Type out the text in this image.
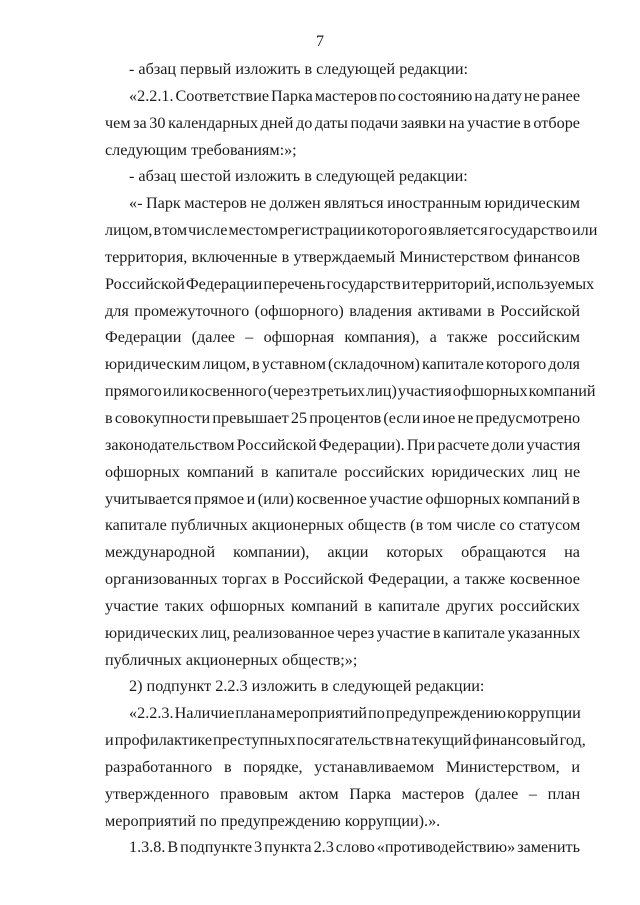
7
- абзац первый изложить в следующей редакции:
«2.2.1. Соответствие Парка мастеров по состоянию на дату не ранее
чем за 30 календарных дней до даты подачи заявки на участие в отборе
следующим требованиям:»;
- абзац шестой изложить в следующей редакции:
«- Парк мастеров не должен являться иностранным юридическим
лицом, в том числе местом регистрации которого является государство или
территория, включенные в утверждаемый Министерством финансов
Российской Федерации перечень государств и территорий, используемых
для промежуточного (офшорного) владения активами в Российской
Федерации (далее – офшорная компания), а также российским
юридическим лицом, в уставном (складочном) капитале которого доля
прямого или косвенного (через третьих лиц) участия офшорных компаний
в совокупности превышает 25 процентов (если иное не предусмотрено
законодательством Российской Федерации). При расчете доли участия
офшорных компаний в капитале российских юридических лиц не
учитывается прямое и (или) косвенное участие офшорных компаний в
капитале публичных акционерных обществ (в том числе со статусом
международной компании), акции которых обращаются на
организованных торгах в Российской Федерации, а также косвенное
участие таких офшорных компаний в капитале других российских
юридических лиц, реализованное через участие в капитале указанных
публичных акционерных обществ;»;
2) подпункт 2.2.3 изложить в следующей редакции:
«2.2.3. Наличие плана мероприятий по предупреждению коррупции
и профилактике преступных посягательств на текущий финансовый год,
разработанного в порядке, устанавливаемом Министерством, и
утвержденного правовым актом Парка мастеров (далее – план
мероприятий по предупреждению коррупции).».
1.3.8. В подпункте 3 пункта 2.3 слово «противодействию» заменить
